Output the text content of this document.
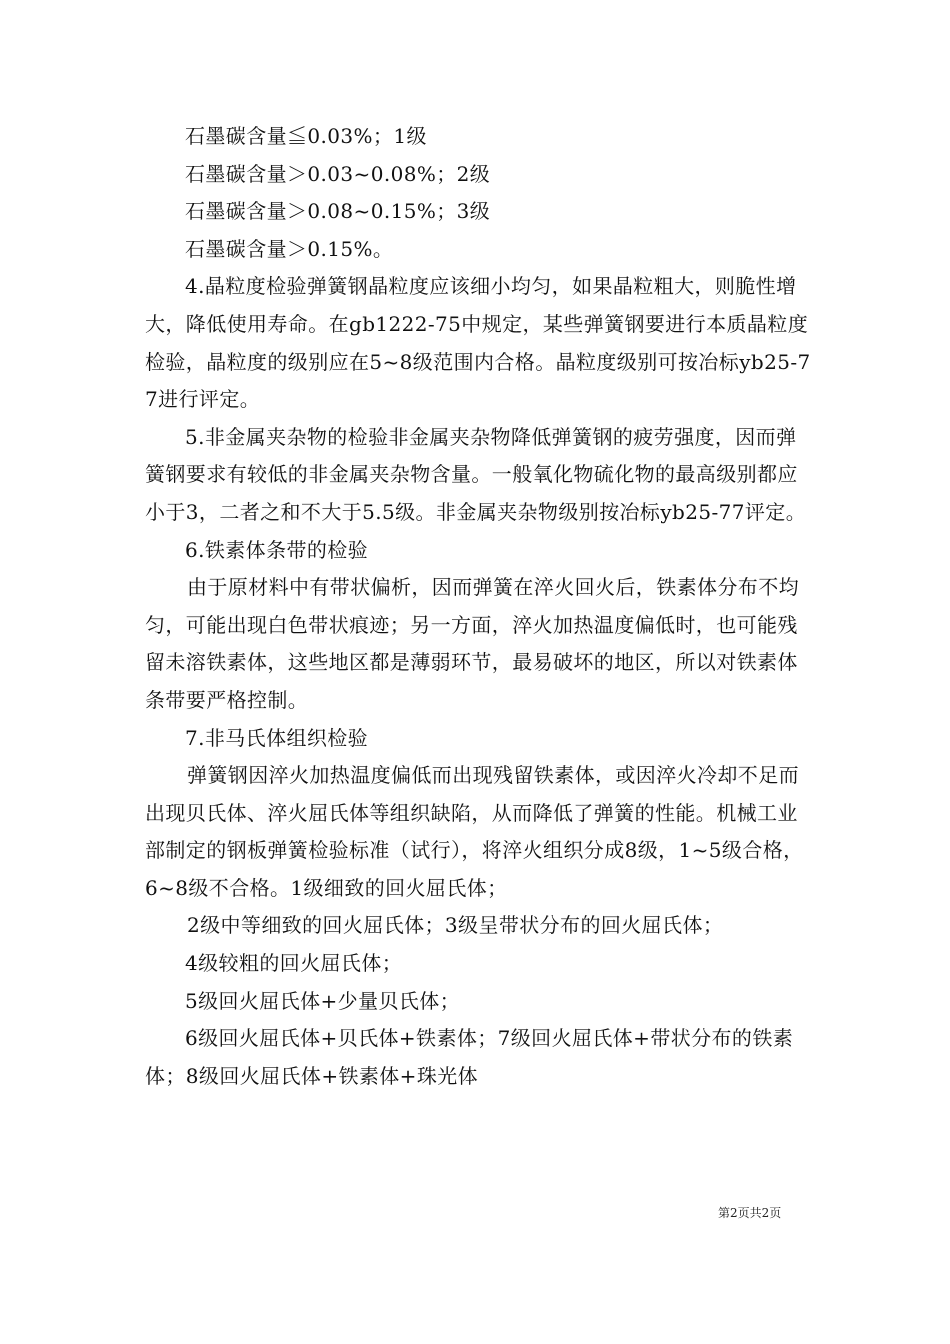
石墨碳含量≦0.03%；1级

石墨碳含量＞0.03~0.08%；2级

石墨碳含量＞0.08~0.15%；3级

石墨碳含量＞0.15%。

4.晶粒度检验弹簧钢晶粒度应该细小均匀，如果晶粒粗大，则脆性增大，降低使用寿命。在gb1222-75中规定，某些弹簧钢要进行本质晶粒度检验，晶粒度的级别应在5~8级范围内合格。晶粒度级别可按冶标yb25-77进行评定。

5.非金属夹杂物的检验非金属夹杂物降低弹簧钢的疲劳强度，因而弹簧钢要求有较低的非金属夹杂物含量。一般氧化物硫化物的最高级别都应小于3，二者之和不大于5.5级。非金属夹杂物级别按冶标yb25-77评定。

6.铁素体条带的检验

由于原材料中有带状偏析，因而弹簧在淬火回火后，铁素体分布不均匀，可能出现白色带状痕迹；另一方面，淬火加热温度偏低时，也可能残留未溶铁素体，这些地区都是薄弱环节，最易破坏的地区，所以对铁素体条带要严格控制。

7.非马氏体组织检验

弹簧钢因淬火加热温度偏低而出现残留铁素体，或因淬火冷却不足而出现贝氏体、淬火屈氏体等组织缺陷，从而降低了弹簧的性能。机械工业部制定的钢板弹簧检验标准（试行），将淬火组织分成8级，1~5级合格，6~8级不合格。1级细致的回火屈氏体；

2级中等细致的回火屈氏体；3级呈带状分布的回火屈氏体；

4级较粗的回火屈氏体；

5级回火屈氏体+少量贝氏体；

6级回火屈氏体+贝氏体+铁素体；7级回火屈氏体+带状分布的铁素体；8级回火屈氏体+铁素体+珠光体

第2页共2页
